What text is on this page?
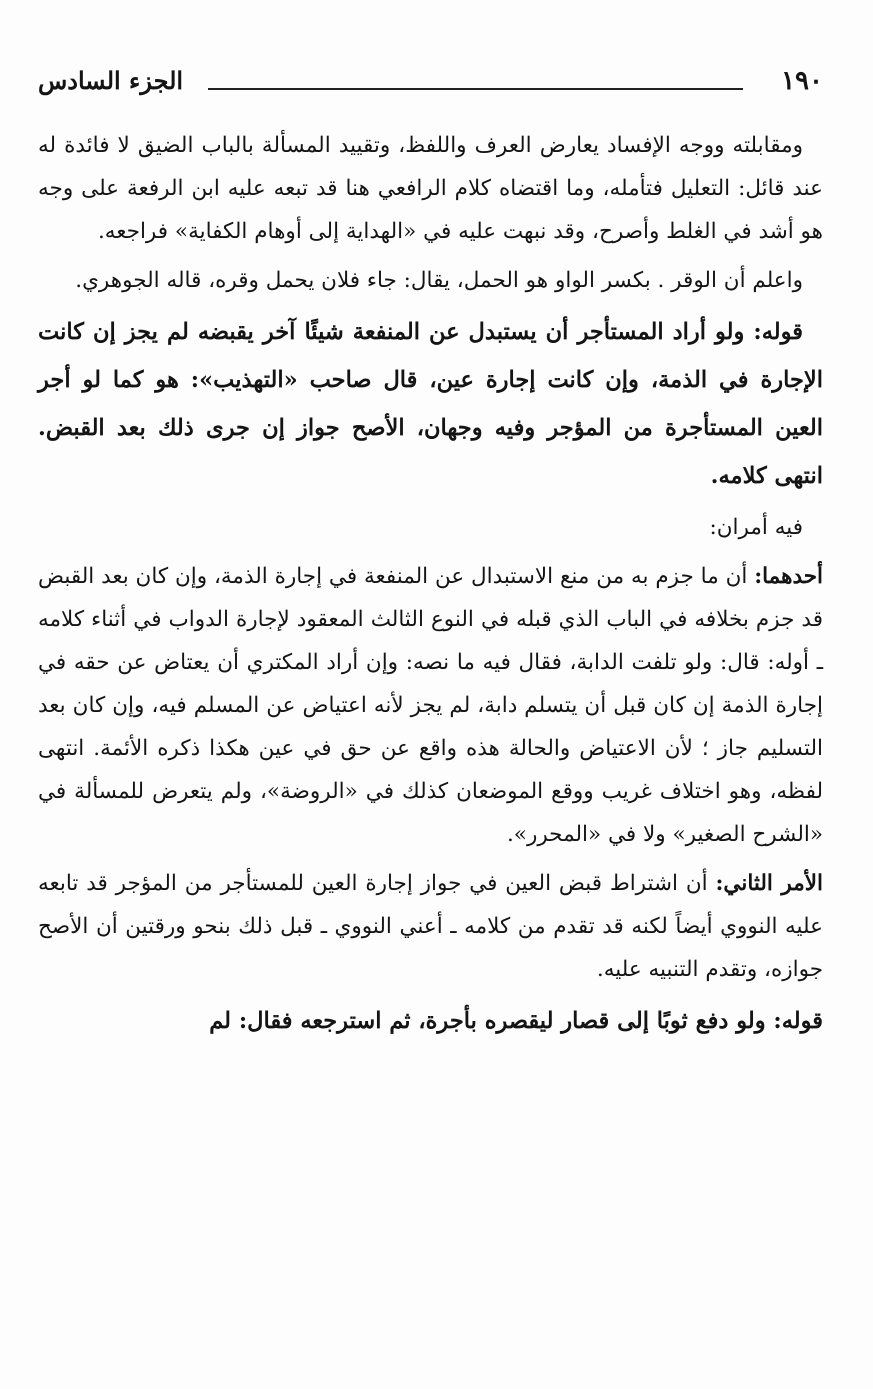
١٩٠
الجزء السادس

ومقابلته ووجه الإفساد يعارض العرف واللفظ، وتقييد المسألة بالباب الضيق لا فائدة له عند قائل: التعليل فتأمله، وما اقتضاه كلام الرافعي هنا قد تبعه عليه ابن الرفعة على وجه هو أشد في الغلط وأصرح، وقد نبهت عليه في «الهداية إلى أوهام الكفاية» فراجعه.

واعلم أن الوقر . بكسر الواو هو الحمل، يقال: جاء فلان يحمل وقره، قاله الجوهري.

قوله: ولو أراد المستأجر أن يستبدل عن المنفعة شيئًا آخر يقبضه لم يجز إن كانت الإجارة في الذمة، وإن كانت إجارة عين، قال صاحب «التهذيب»: هو كما لو أجر العين المستأجرة من المؤجر وفيه وجهان، الأصح جواز إن جرى ذلك بعد القبض. انتهى كلامه.

فيه أمران:

أحدهما: أن ما جزم به من منع الاستبدال عن المنفعة في إجارة الذمة، وإن كان بعد القبض قد جزم بخلافه في الباب الذي قبله في النوع الثالث المعقود لإجارة الدواب في أثناء كلامه ـ أوله: قال: ولو تلفت الدابة، فقال فيه ما نصه: وإن أراد المكتري أن يعتاض عن حقه في إجارة الذمة إن كان قبل أن يتسلم دابة، لم يجز لأنه اعتياض عن المسلم فيه، وإن كان بعد التسليم جاز ؛ لأن الاعتياض والحالة هذه واقع عن حق في عين هكذا ذكره الأئمة. انتهى لفظه، وهو اختلاف غريب ووقع الموضعان كذلك في «الروضة»، ولم يتعرض للمسألة في «الشرح الصغير» ولا في «المحرر».

الأمر الثاني: أن اشتراط قبض العين في جواز إجارة العين للمستأجر من المؤجر قد تابعه عليه النووي أيضاً لكنه قد تقدم من كلامه ـ أعني النووي ـ قبل ذلك بنحو ورقتين أن الأصح جوازه، وتقدم التنبيه عليه.

قوله: ولو دفع ثوبًا إلى قصار ليقصره بأجرة، ثم استرجعه فقال: لم
